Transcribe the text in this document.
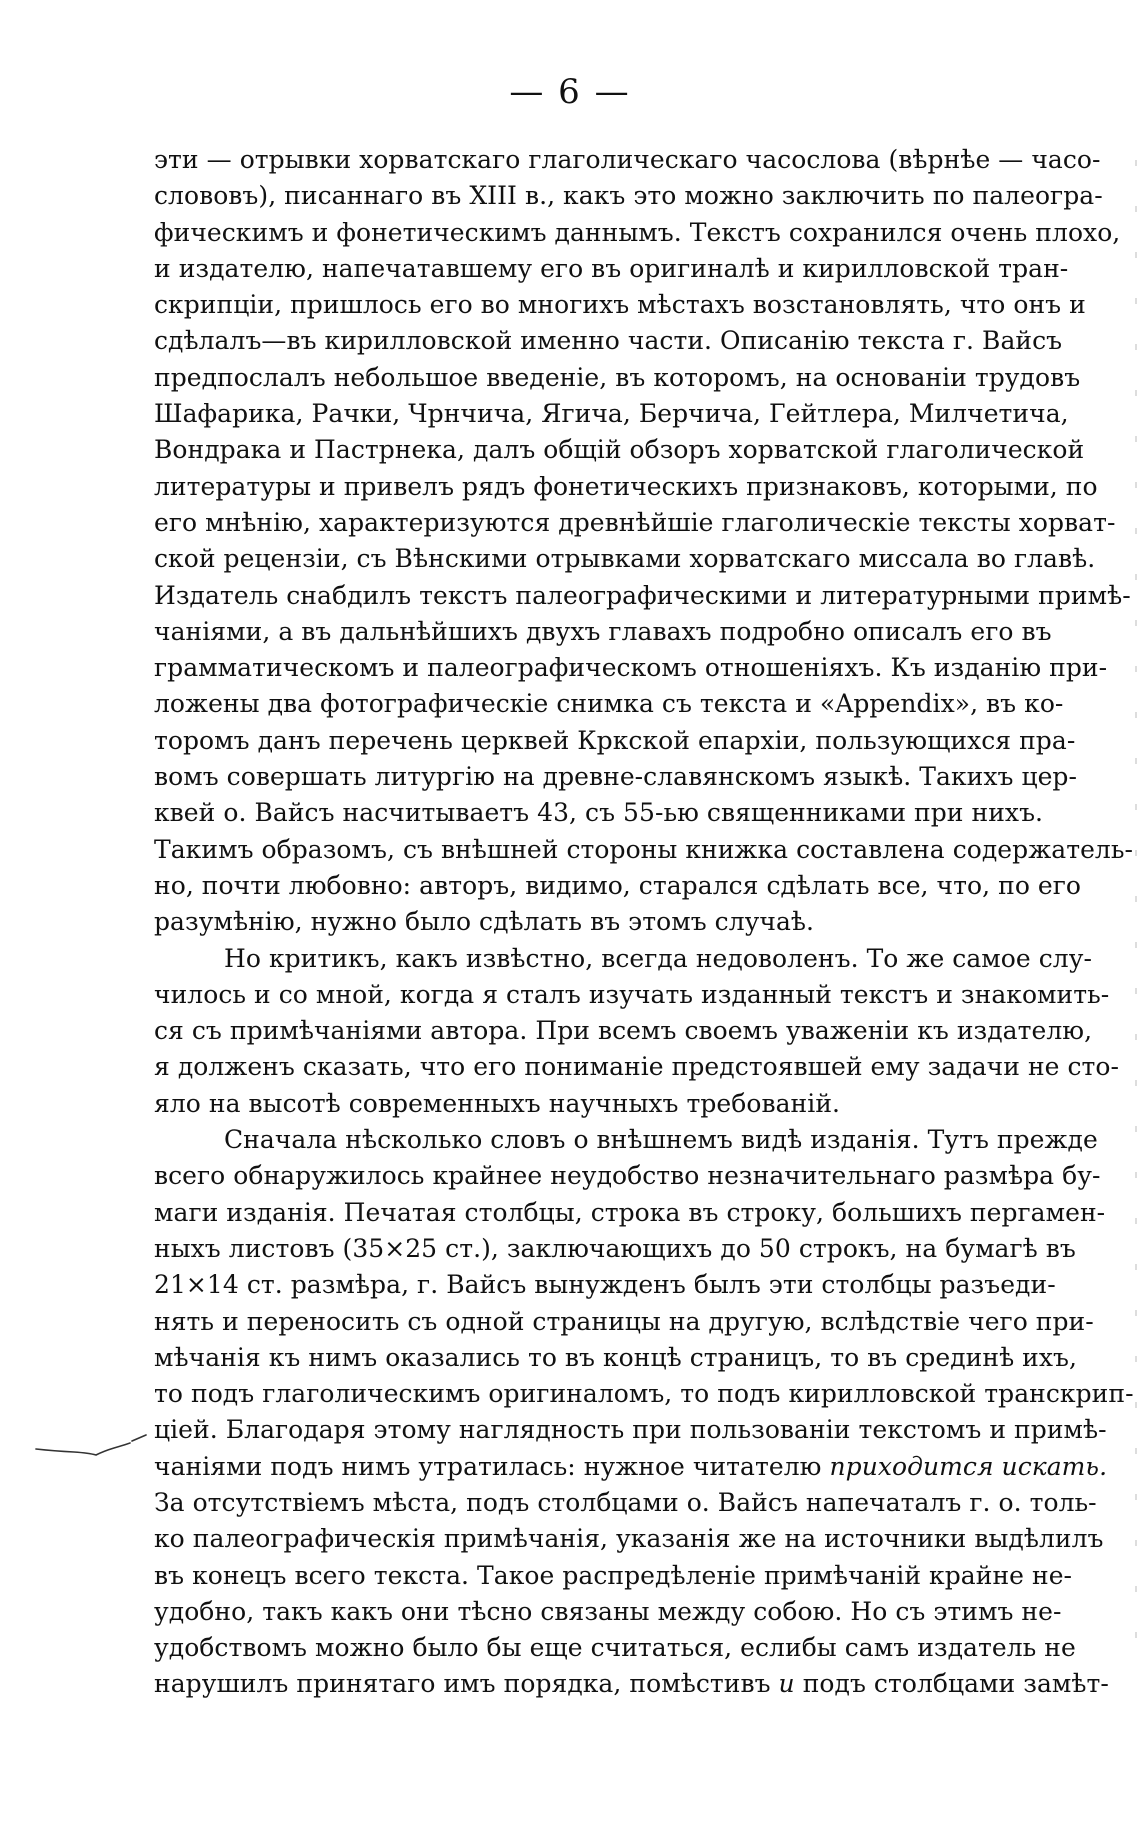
— 6 —
эти — отрывки хорватскаго глаголическаго часослова (вѣрнѣе — часо-
слововъ), писаннаго въ XIII в., какъ это можно заключить по палеогра-
фическимъ и фонетическимъ даннымъ. Текстъ сохранился очень плохо,
и издателю, напечатавшему его въ оригиналѣ и кирилловской тран-
скрипціи, пришлось его во многихъ мѣстахъ возстановлять, что онъ и
сдѣлалъ—въ кирилловской именно части. Описанію текста г. Вайсъ
предпослалъ небольшое введеніе, въ которомъ, на основаніи трудовъ
Шафарика, Рачки, Чрнчича, Ягича, Берчича, Гейтлера, Милчетича,
Вондрака и Пастрнека, далъ общій обзоръ хорватской глаголической
литературы и привелъ рядъ фонетическихъ признаковъ, которыми, по
его мнѣнію, характеризуются древнѣйшіе глаголическіе тексты хорват-
ской рецензіи, съ Вѣнскими отрывками хорватскаго миссала во главѣ.
Издатель снабдилъ текстъ палеографическими и литературными примѣ-
чаніями, а въ дальнѣйшихъ двухъ главахъ подробно описалъ его въ
грамматическомъ и палеографическомъ отношеніяхъ. Къ изданію при-
ложены два фотографическіе снимка съ текста и «Appendix», въ ко-
торомъ данъ перечень церквей Кркской епархіи, пользующихся пра-
вомъ совершать литургію на древне-славянскомъ языкѣ. Такихъ цер-
квей о. Вайсъ насчитываетъ 43, съ 55-ью священниками при нихъ.
Такимъ образомъ, съ внѣшней стороны книжка составлена содержатель-
но, почти любовно: авторъ, видимо, старался сдѣлать все, что, по его
разумѣнію, нужно было сдѣлать въ этомъ случаѣ.
Но критикъ, какъ извѣстно, всегда недоволенъ. То же самое слу-
чилось и со мной, когда я сталъ изучать изданный текстъ и знакомить-
ся съ примѣчаніями автора. При всемъ своемъ уваженіи къ издателю,
я долженъ сказать, что его пониманіе предстоявшей ему задачи не сто-
яло на высотѣ современныхъ научныхъ требованій.
Сначала нѣсколько словъ о внѣшнемъ видѣ изданія. Тутъ прежде
всего обнаружилось крайнее неудобство незначительнаго размѣра бу-
маги изданія. Печатая столбцы, строка въ строку, большихъ пергамен-
ныхъ листовъ (35×25 ст.), заключающихъ до 50 строкъ, на бумагѣ въ
21×14 ст. размѣра, г. Вайсъ вынужденъ былъ эти столбцы разъеди-
нять и переносить съ одной страницы на другую, вслѣдствіе чего при-
мѣчанія къ нимъ оказались то въ концѣ страницъ, то въ срединѣ ихъ,
то подъ глаголическимъ оригиналомъ, то подъ кирилловской транскрип-
ціей. Благодаря этому наглядность при пользованіи текстомъ и примѣ-
чаніями подъ нимъ утратилась: нужное читателю приходится искать.
За отсутствіемъ мѣста, подъ столбцами о. Вайсъ напечаталъ г. о. толь-
ко палеографическія примѣчанія, указанія же на источники выдѣлилъ
въ конецъ всего текста. Такое распредѣленіе примѣчаній крайне не-
удобно, такъ какъ они тѣсно связаны между собою. Но съ этимъ не-
удобствомъ можно было бы еще считаться, еслибы самъ издатель не
нарушилъ принятаго имъ порядка, помѣстивъ и подъ столбцами замѣт-
